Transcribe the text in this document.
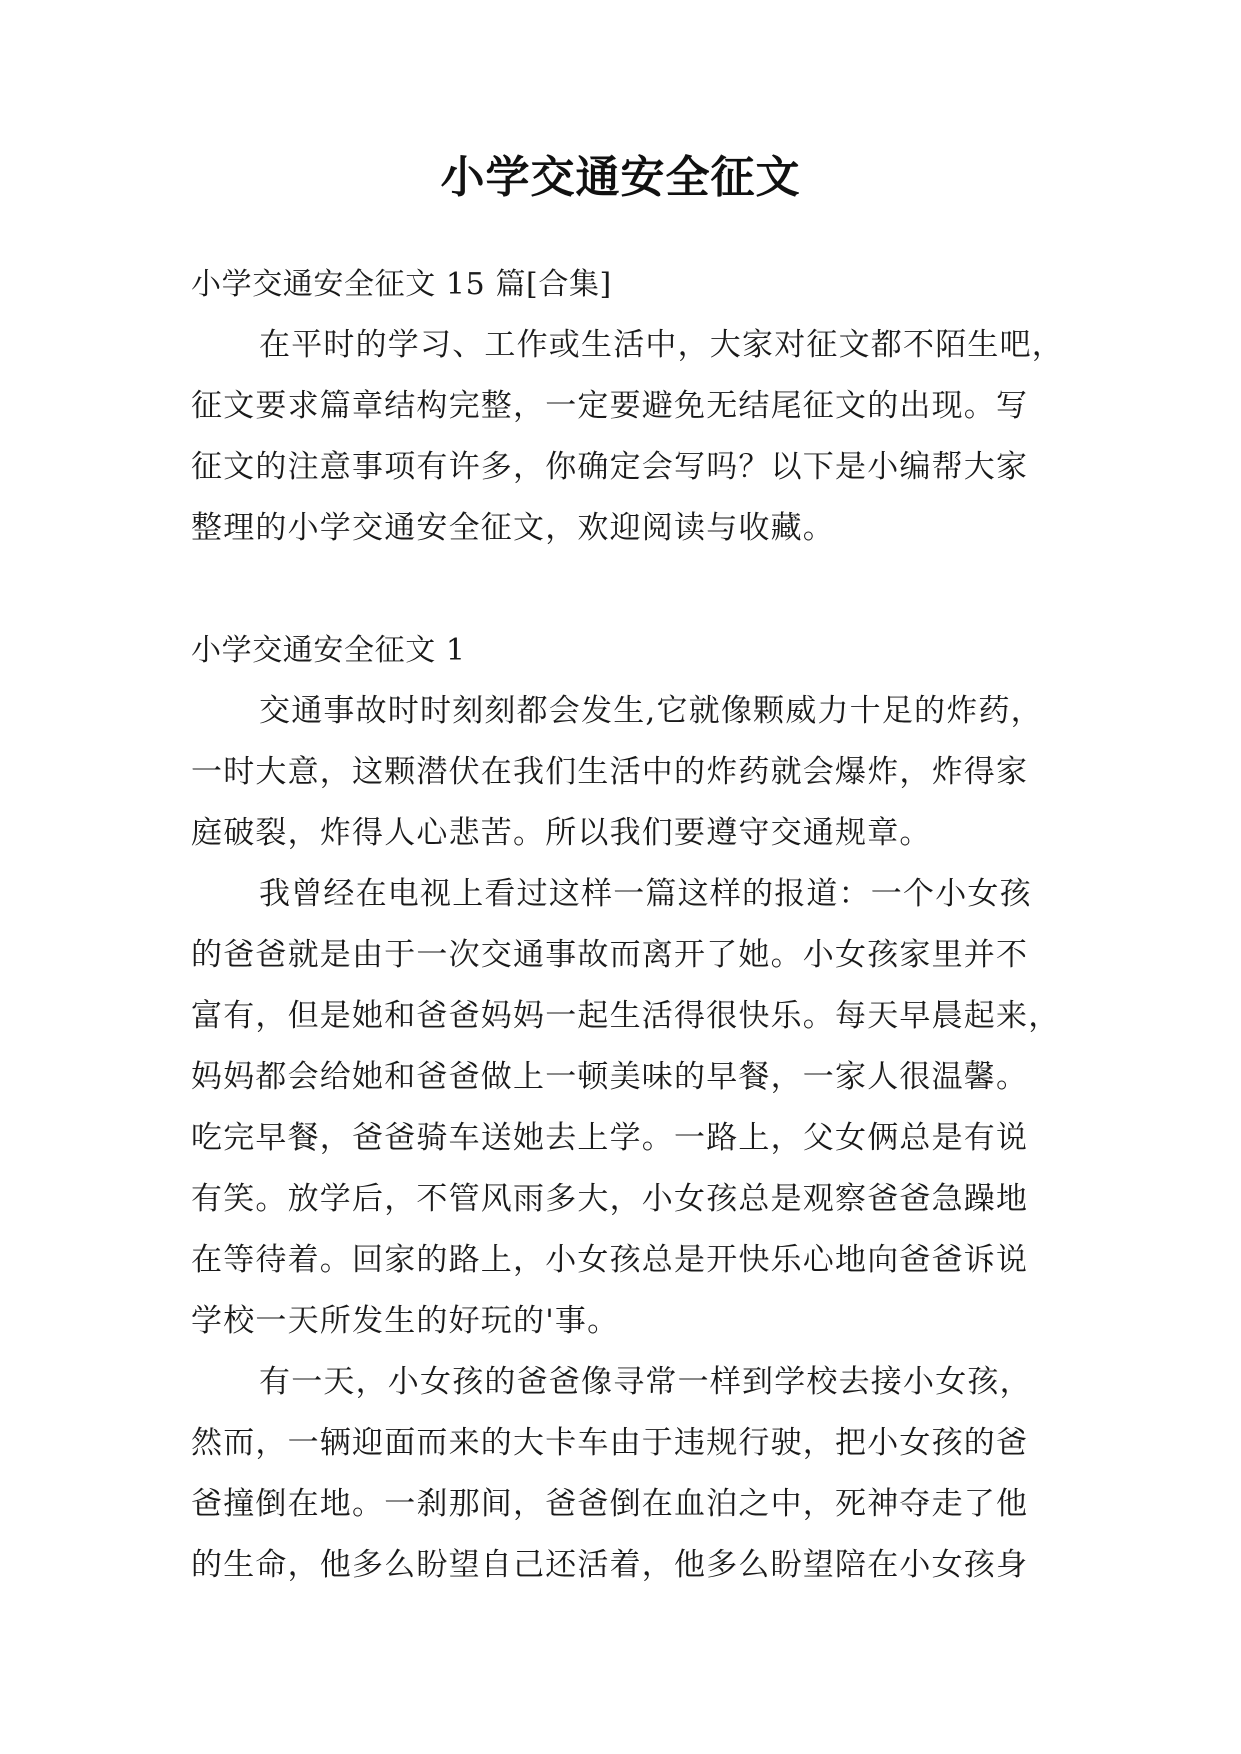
小学交通安全征文
小学交通安全征文 15 篇[合集]
在平时的学习、工作或生活中，大家对征文都不陌生吧，
征文要求篇章结构完整，一定要避免无结尾征文的出现。写
征文的注意事项有许多，你确定会写吗？以下是小编帮大家
整理的小学交通安全征文，欢迎阅读与收藏。
小学交通安全征文 1
交通事故时时刻刻都会发生,它就像颗威力十足的炸药，
一时大意，这颗潜伏在我们生活中的炸药就会爆炸，炸得家
庭破裂，炸得人心悲苦。所以我们要遵守交通规章。
我曾经在电视上看过这样一篇这样的报道：一个小女孩
的爸爸就是由于一次交通事故而离开了她。小女孩家里并不
富有，但是她和爸爸妈妈一起生活得很快乐。每天早晨起来，
妈妈都会给她和爸爸做上一顿美味的早餐，一家人很温馨。
吃完早餐，爸爸骑车送她去上学。一路上，父女俩总是有说
有笑。放学后，不管风雨多大，小女孩总是观察爸爸急躁地
在等待着。回家的路上，小女孩总是开快乐心地向爸爸诉说
学校一天所发生的好玩的'事。
有一天，小女孩的爸爸像寻常一样到学校去接小女孩，
然而，一辆迎面而来的大卡车由于违规行驶，把小女孩的爸
爸撞倒在地。一刹那间，爸爸倒在血泊之中，死神夺走了他
的生命，他多么盼望自己还活着，他多么盼望陪在小女孩身
